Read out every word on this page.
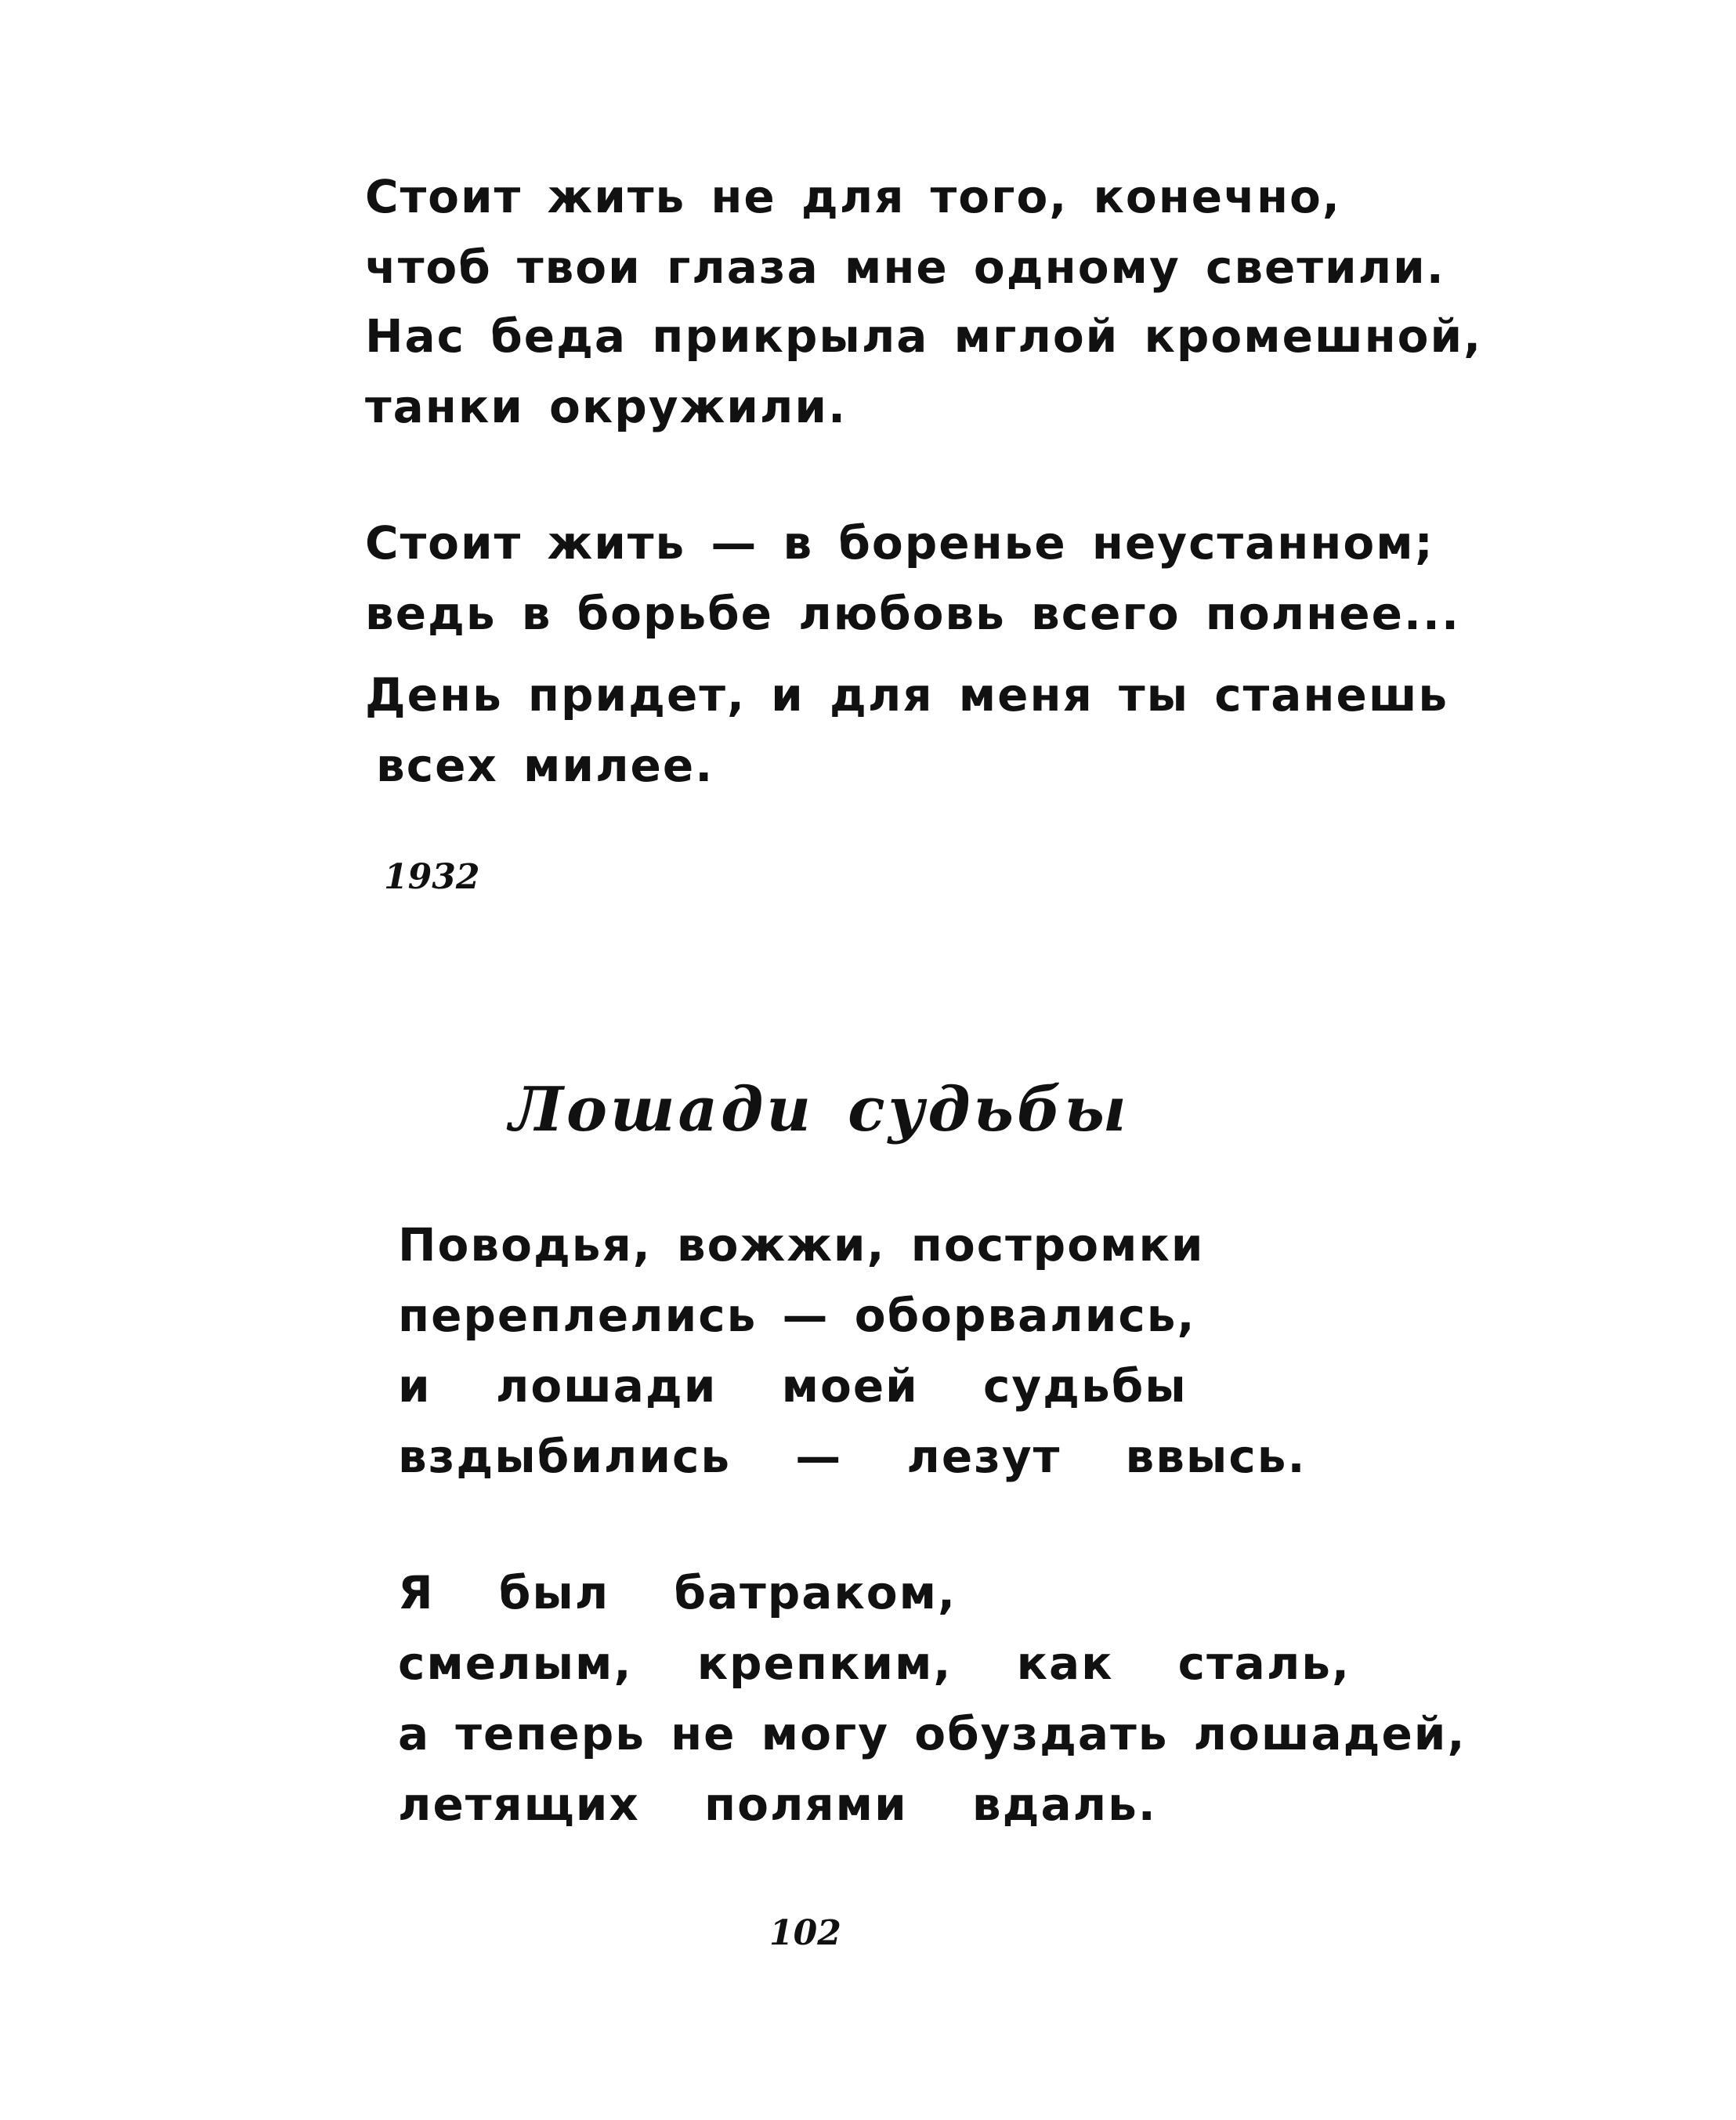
Стоит жить не для того, конечно,

чтоб твои глаза мне одному светили.

Нас беда прикрыла мглой кромешной,

танки окружили.

Стоит жить — в боренье неустанном;

ведь в борьбе любовь всего полнее...

День придет, и для меня ты станешь

всех милее.

1932

Лошади судьбы

Поводья, вожжи, постромки

переплелись — оборвались,

и лошади моей судьбы

вздыбились — лезут ввысь.

Я был батраком,

смелым, крепким, как сталь,

а теперь не могу обуздать лошадей,

летящих полями вдаль.

102
